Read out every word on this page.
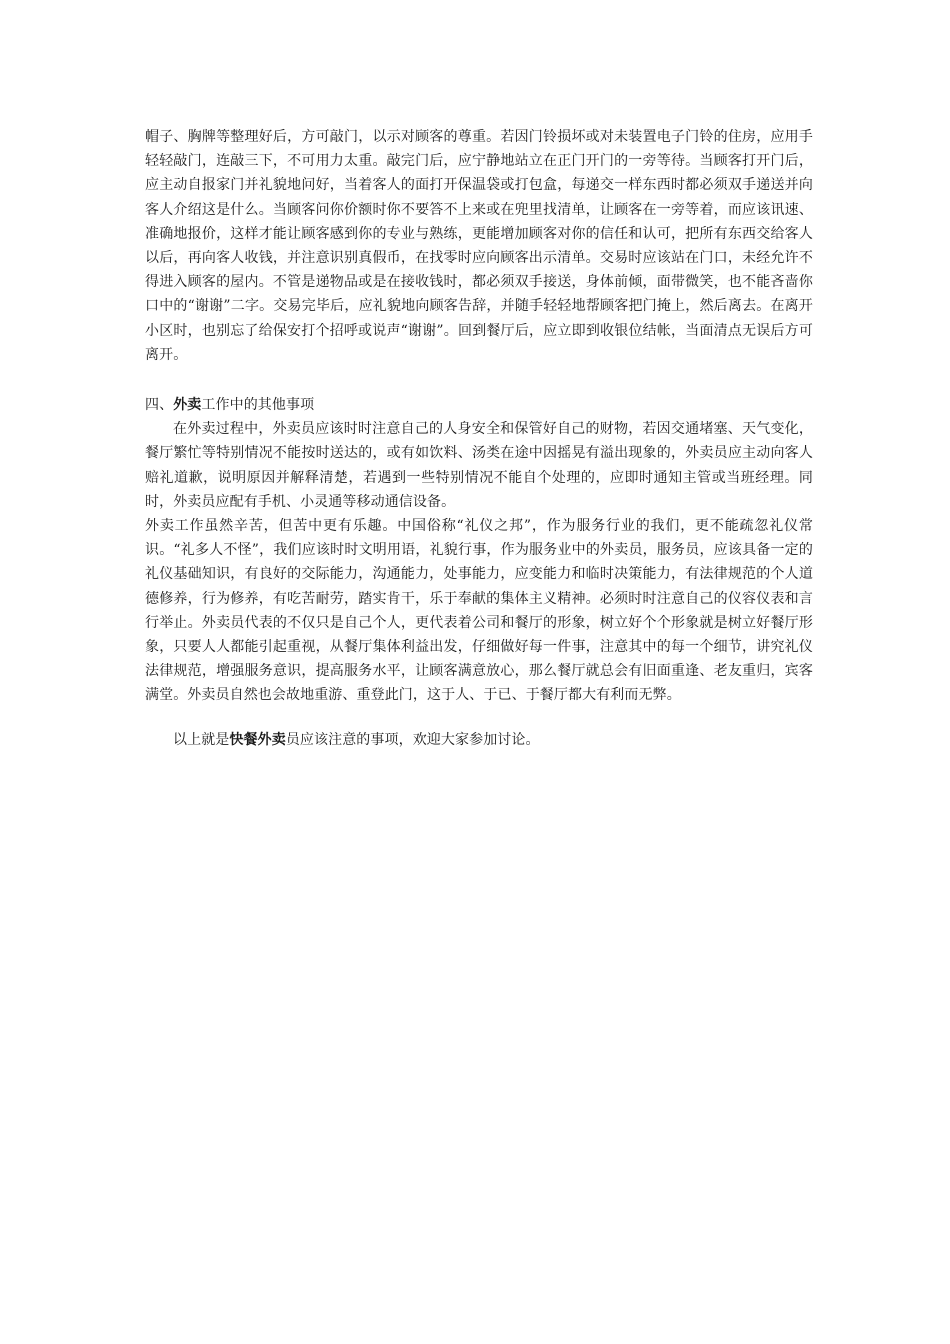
帽子、胸牌等整理好后，方可敲门，以示对顾客的尊重。若因门铃损坏或对未装置电子门铃的住房，应用手轻轻敲门，连敲三下，不可用力太重。敲完门后，应宁静地站立在正门开门的一旁等待。当顾客打开门后，应主动自报家门并礼貌地问好，当着客人的面打开保温袋或打包盒，每递交一样东西时都必须双手递送并向客人介绍这是什么。当顾客问你价额时你不要答不上来或在兜里找清单，让顾客在一旁等着，而应该讯速、准确地报价，这样才能让顾客感到你的专业与熟练，更能增加顾客对你的信任和认可，把所有东西交给客人以后，再向客人收钱，并注意识别真假币，在找零时应向顾客出示清单。交易时应该站在门口，未经允许不得进入顾客的屋内。不管是递物品或是在接收钱时，都必须双手接送，身体前倾，面带微笑，也不能吝啬你口中的“谢谢”二字。交易完毕后，应礼貌地向顾客告辞，并随手轻轻地帮顾客把门掩上，然后离去。在离开小区时，也别忘了给保安打个招呼或说声“谢谢”。回到餐厅后，应立即到收银位结帐，当面清点无误后方可离开。

四、外卖工作中的其他事项

在外卖过程中，外卖员应该时时注意自己的人身安全和保管好自己的财物，若因交通堵塞、天气变化，餐厅繁忙等特别情况不能按时送达的，或有如饮料、汤类在途中因摇晃有溢出现象的，外卖员应主动向客人赔礼道歉，说明原因并解释清楚，若遇到一些特别情况不能自个处理的，应即时通知主管或当班经理。同时，外卖员应配有手机、小灵通等移动通信设备。

外卖工作虽然辛苦，但苦中更有乐趣。中国俗称“礼仪之邦”，作为服务行业的我们，更不能疏忽礼仪常识。“礼多人不怪”，我们应该时时文明用语，礼貌行事，作为服务业中的外卖员，服务员，应该具备一定的礼仪基础知识，有良好的交际能力，沟通能力，处事能力，应变能力和临时决策能力，有法律规范的个人道德修养，行为修养，有吃苦耐劳，踏实肯干，乐于奉献的集体主义精神。必须时时注意自己的仪容仪表和言行举止。外卖员代表的不仅只是自己个人，更代表着公司和餐厅的形象，树立好个个形象就是树立好餐厅形象，只要人人都能引起重视，从餐厅集体利益出发，仔细做好每一件事，注意其中的每一个细节，讲究礼仪法律规范，增强服务意识，提高服务水平，让顾客满意放心，那么餐厅就总会有旧面重逢、老友重归，宾客满堂。外卖员自然也会故地重游、重登此门，这于人、于已、于餐厅都大有利而无弊。

以上就是快餐外卖员应该注意的事项，欢迎大家参加讨论。
